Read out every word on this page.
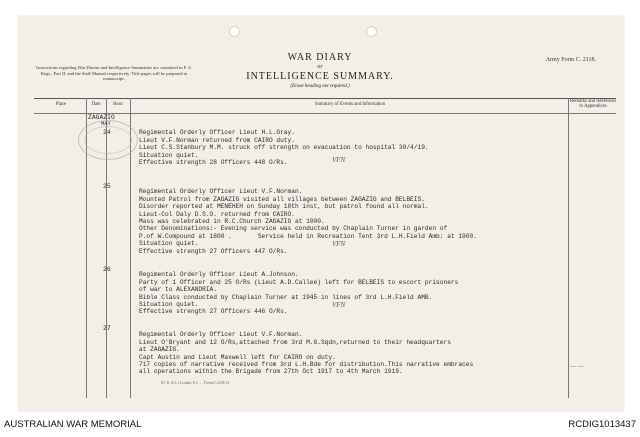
WAR DIARY
or
INTELLIGENCE SUMMARY.
(Erase heading not required.)
Army Form C. 2118.
Instructions regarding War Diaries and Intelligence Summaries are contained in F. S. Regs., Part II. and the Staff Manual respectively. Title pages will be prepared in manuscript.
Place	Date	Hour	Summary of Events and Information
Remarks and references to Appendices
ZAGAZIG
MAY
24	Regimental Orderly Officer Lieut H.L.Gray.
Lieut V.F.Norman returned from CAIRO duty.
Lieut C.S.Stanbury M.M. struck off strength on evacuation to hospital 30/4/19.
Situation quiet.
Effective strength 28 Officers 448 O/Rs.	VFN
25

Regimental Orderly Officer Lieut V.F.Norman.
Mounted Patrol from ZAGAZIG visited all villages between ZAGAZIG and BELBEIS.
Disorder reported at MENEHEH on Sunday 18th inst, but patrol found all normal.
Lieut-Col Daly D.S.O. returned from CAIRO.
Mass was celebrated in R.C.Church ZAGAZIG at 1000.
Other Denominations:- Evening service was conducted by Chaplain Turner in garden of
P.of W.Compound at 1800 .       Service held in Recreation Tent 3rd L.H.Field Amb: at 1900.
Situation quiet.
Effective strength 27 Officers 447 O/Rs.

VFN
26

Regimental Orderly Officer Lieut A.Johnson.
Party of 1 Officer and 25 O/Rs (Lieut A.D.Callee) left for BELBEIS to escort prisoners
of war to ALEXANDRIA.
Bible Class conducted by Chaplain Turner at 1945 in lines of 3rd L.H.Field AMB.
Situation quiet.
Effective strength 27 Officers 446 O/Rs.

VFN
27

Regimental Orderly Officer Lieut V.F.Norman.
Lieut O'Bryant and 12 O/Rs,attached from 3rd M.G.Sqdn,returned to their headquarters
at ZAGAZIG.
Capt Austin and Lieut Maxwell left for CAIRO on duty.
717 copies of narrative received from 3rd L.H.Bde for distribution.This narrative embraces
all operations within the Brigade from 27th Oct 1917 to 4th March 1919.

— —
(D. D. & L.) London, E.C. ... Forms/C.2118/14
AUSTRALIAN WAR MEMORIAL	RCDIG1013437
